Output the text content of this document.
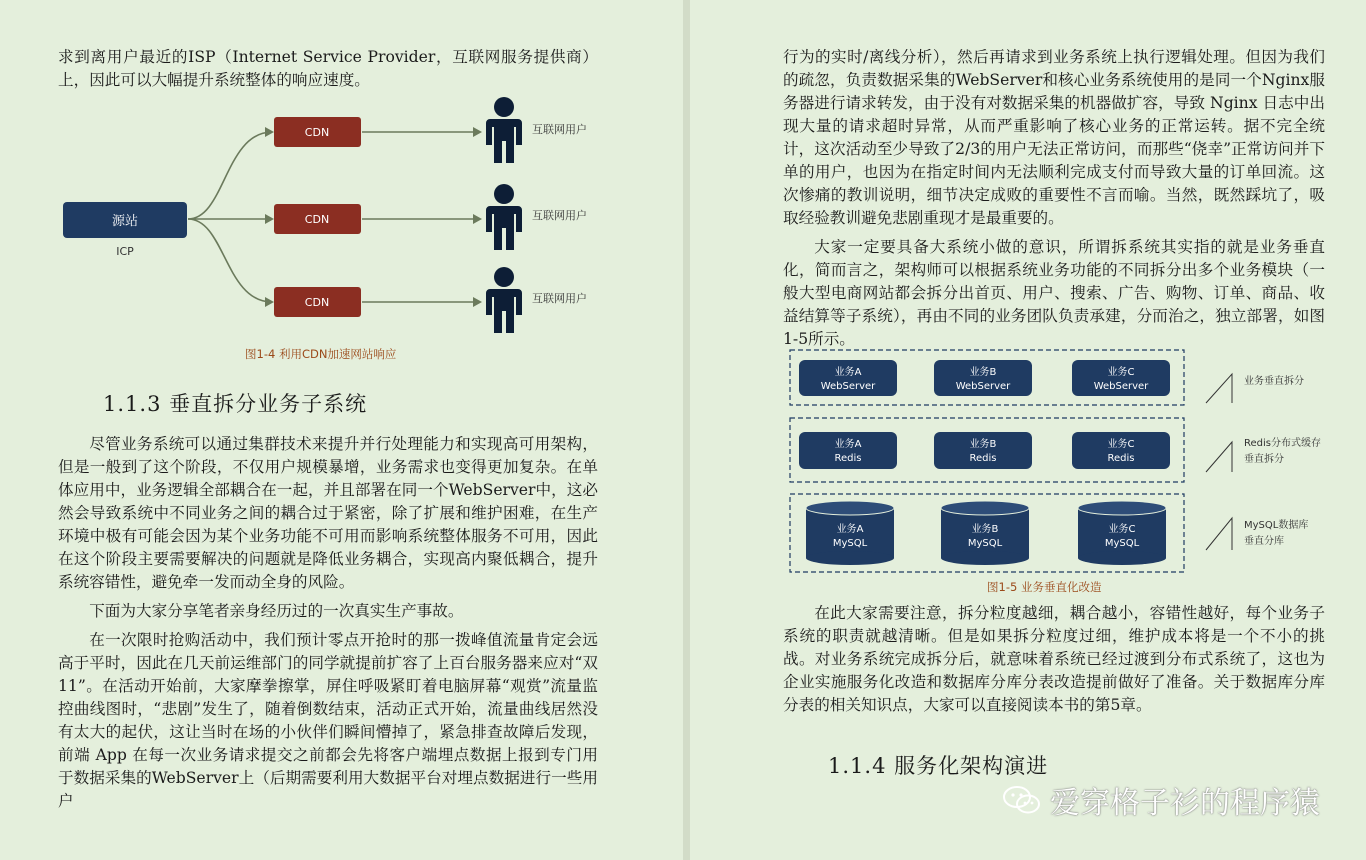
求到离用户最近的ISP（Internet Service Provider，互联网服务提供商）上，因此可以大幅提升系统整体的响应速度。

源站
ICP
CDN
CDN
CDN
互联网用户
互联网用户
互联网用户
图1-4 利用CDN加速网站响应
1.1.3 垂直拆分业务子系统

尽管业务系统可以通过集群技术来提升并行处理能力和实现高可用架构，但是一般到了这个阶段，不仅用户规模暴增，业务需求也变得更加复杂。在单体应用中，业务逻辑全部耦合在一起，并且部署在同一个WebServer中，这必然会导致系统中不同业务之间的耦合过于紧密，除了扩展和维护困难，在生产环境中极有可能会因为某个业务功能不可用而影响系统整体服务不可用，因此在这个阶段主要需要解决的问题就是降低业务耦合，实现高内聚低耦合，提升系统容错性，避免牵一发而动全身的风险。

下面为大家分享笔者亲身经历过的一次真实生产事故。

在一次限时抢购活动中，我们预计零点开抢时的那一拨峰值流量肯定会远高于平时，因此在几天前运维部门的同学就提前扩容了上百台服务器来应对“双 11”。在活动开始前，大家摩拳擦掌，屏住呼吸紧盯着电脑屏幕“观赏”流量监控曲线图时，“悲剧”发生了，随着倒数结束，活动正式开始，流量曲线居然没有太大的起伏，这让当时在场的小伙伴们瞬间懵掉了，紧急排查故障后发现，前端 App 在每一次业务请求提交之前都会先将客户端埋点数据上报到专门用于数据采集的WebServer上（后期需要利用大数据平台对埋点数据进行一些用户

行为的实时/离线分析），然后再请求到业务系统上执行逻辑处理。但因为我们的疏忽，负责数据采集的WebServer和核心业务系统使用的是同一个Nginx服务器进行请求转发，由于没有对数据采集的机器做扩容，导致 Nginx 日志中出现大量的请求超时异常，从而严重影响了核心业务的正常运转。据不完全统计，这次活动至少导致了2/3的用户无法正常访问，而那些“侥幸”正常访问并下单的用户，也因为在指定时间内无法顺利完成支付而导致大量的订单回流。这次惨痛的教训说明，细节决定成败的重要性不言而喻。当然，既然踩坑了，吸取经验教训避免悲剧重现才是最重要的。

大家一定要具备大系统小做的意识，所谓拆系统其实指的就是业务垂直化，简而言之，架构师可以根据系统业务功能的不同拆分出多个业务模块（一般大型电商网站都会拆分出首页、用户、搜索、广告、购物、订单、商品、收益结算等子系统），再由不同的业务团队负责承建，分而治之，独立部署，如图1-5所示。

业务A
WebServer
业务B
WebServer
业务C
WebServer
业务A
Redis
业务B
Redis
业务C
Redis
业务A
MySQL
业务B
MySQL
业务C
MySQL
业务垂直拆分
Redis分布式缓存
垂直拆分
MySQL数据库
垂直分库
图1-5 业务垂直化改造

在此大家需要注意，拆分粒度越细，耦合越小，容错性越好，每个业务子系统的职责就越清晰。但是如果拆分粒度过细，维护成本将是一个不小的挑战。对业务系统完成拆分后，就意味着系统已经过渡到分布式系统了，这也为企业实施服务化改造和数据库分库分表改造提前做好了准备。关于数据库分库分表的相关知识点，大家可以直接阅读本书的第5章。

1.1.4 服务化架构演进
爱穿格子衫的程序猿
